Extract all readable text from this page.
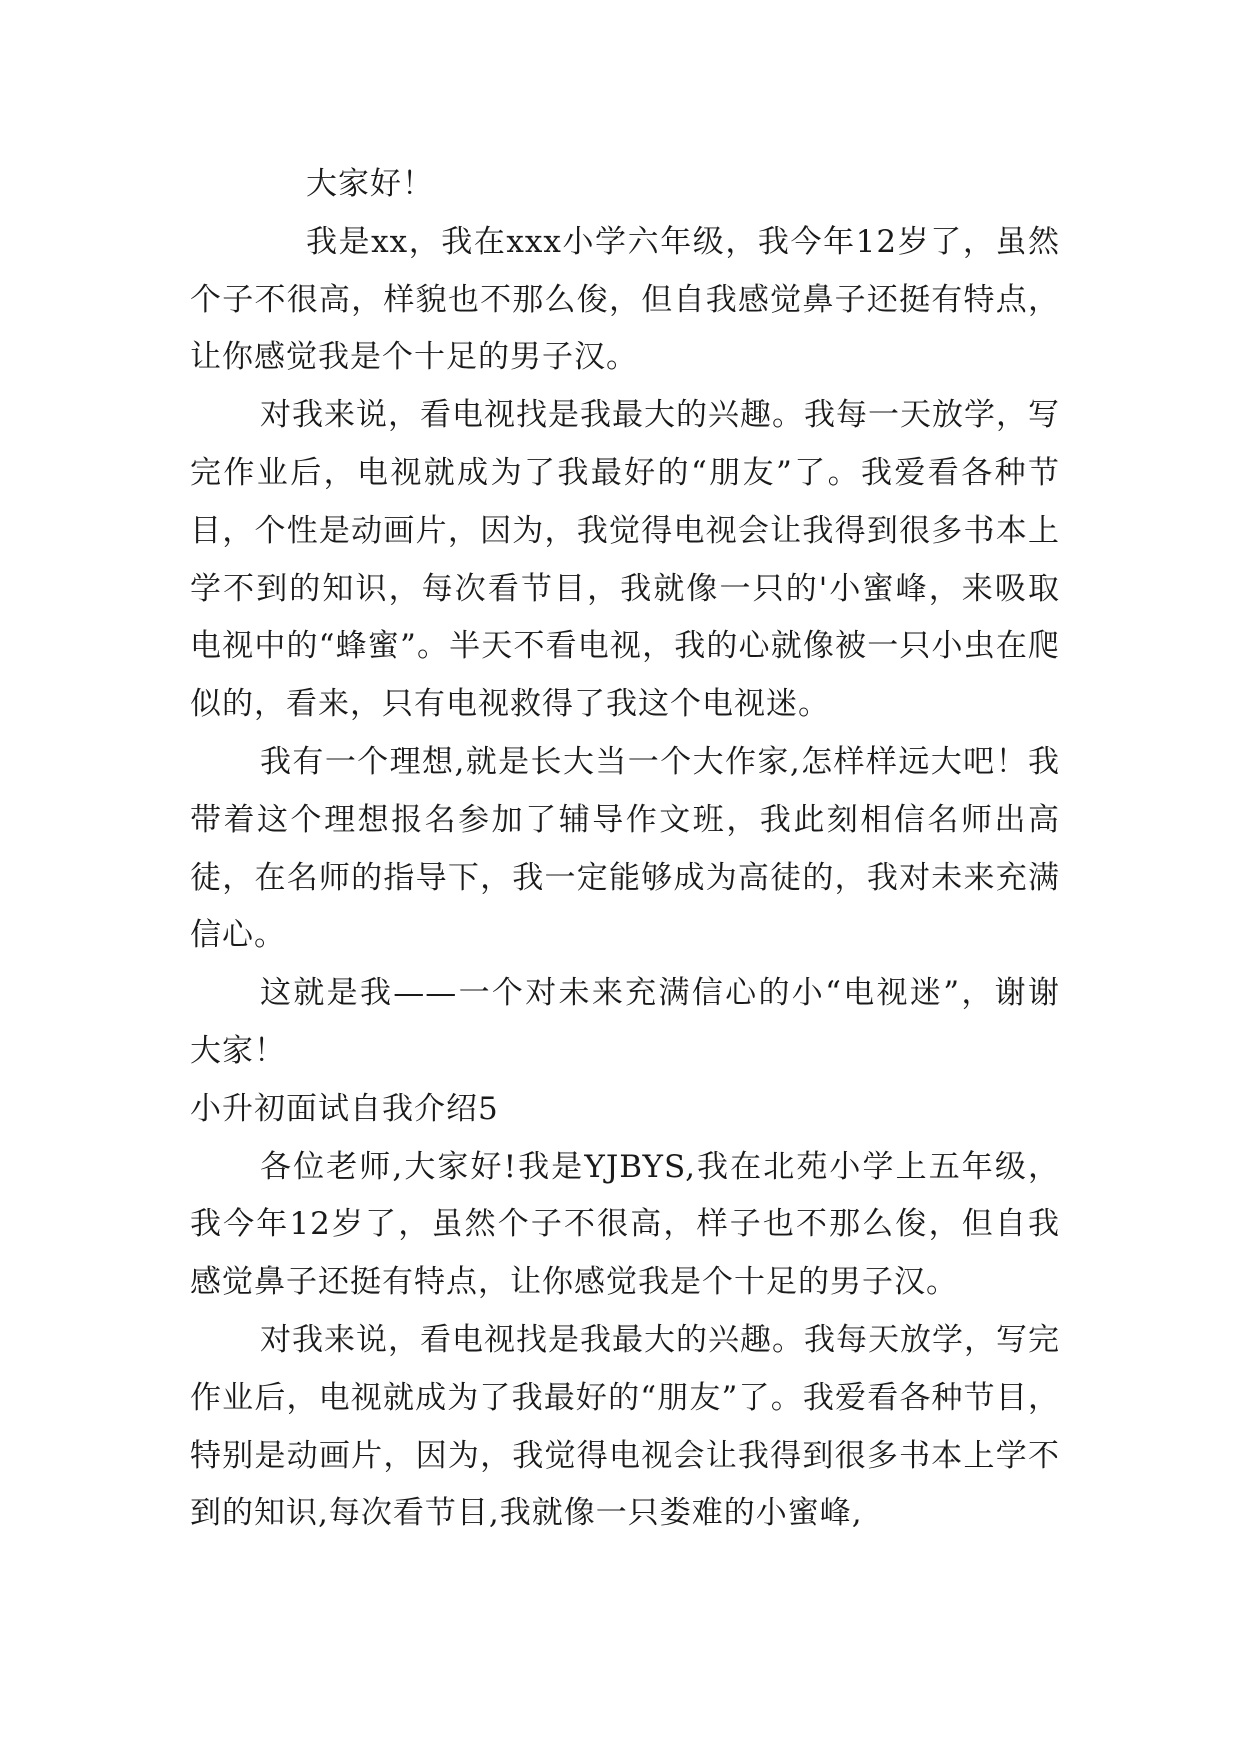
大家好！

我是xx，我在xxx小学六年级，我今年12岁了，虽然个子不很高，样貌也不那么俊，但自我感觉鼻子还挺有特点，让你感觉我是个十足的男子汉。

对我来说，看电视找是我最大的兴趣。我每一天放学，写完作业后，电视就成为了我最好的“朋友”了。我爱看各种节目，个性是动画片，因为，我觉得电视会让我得到很多书本上学不到的知识，每次看节目，我就像一只的'小蜜峰，来吸取电视中的“蜂蜜”。半天不看电视，我的心就像被一只小虫在爬似的，看来，只有电视救得了我这个电视迷。

我有一个理想,就是长大当一个大作家,怎样样远大吧！我带着这个理想报名参加了辅导作文班，我此刻相信名师出高徒，在名师的指导下，我一定能够成为高徒的，我对未来充满信心。

这就是我——一个对未来充满信心的小“电视迷”，谢谢大家！

小升初面试自我介绍5

各位老师,大家好!我是YJBYS,我在北苑小学上五年级，我今年12岁了，虽然个子不很高，样子也不那么俊，但自我感觉鼻子还挺有特点，让你感觉我是个十足的男子汉。

对我来说，看电视找是我最大的兴趣。我每天放学，写完作业后，电视就成为了我最好的“朋友”了。我爱看各种节目，特别是动画片，因为，我觉得电视会让我得到很多书本上学不到的知识,每次看节目,我就像一只娄难的小蜜峰,
